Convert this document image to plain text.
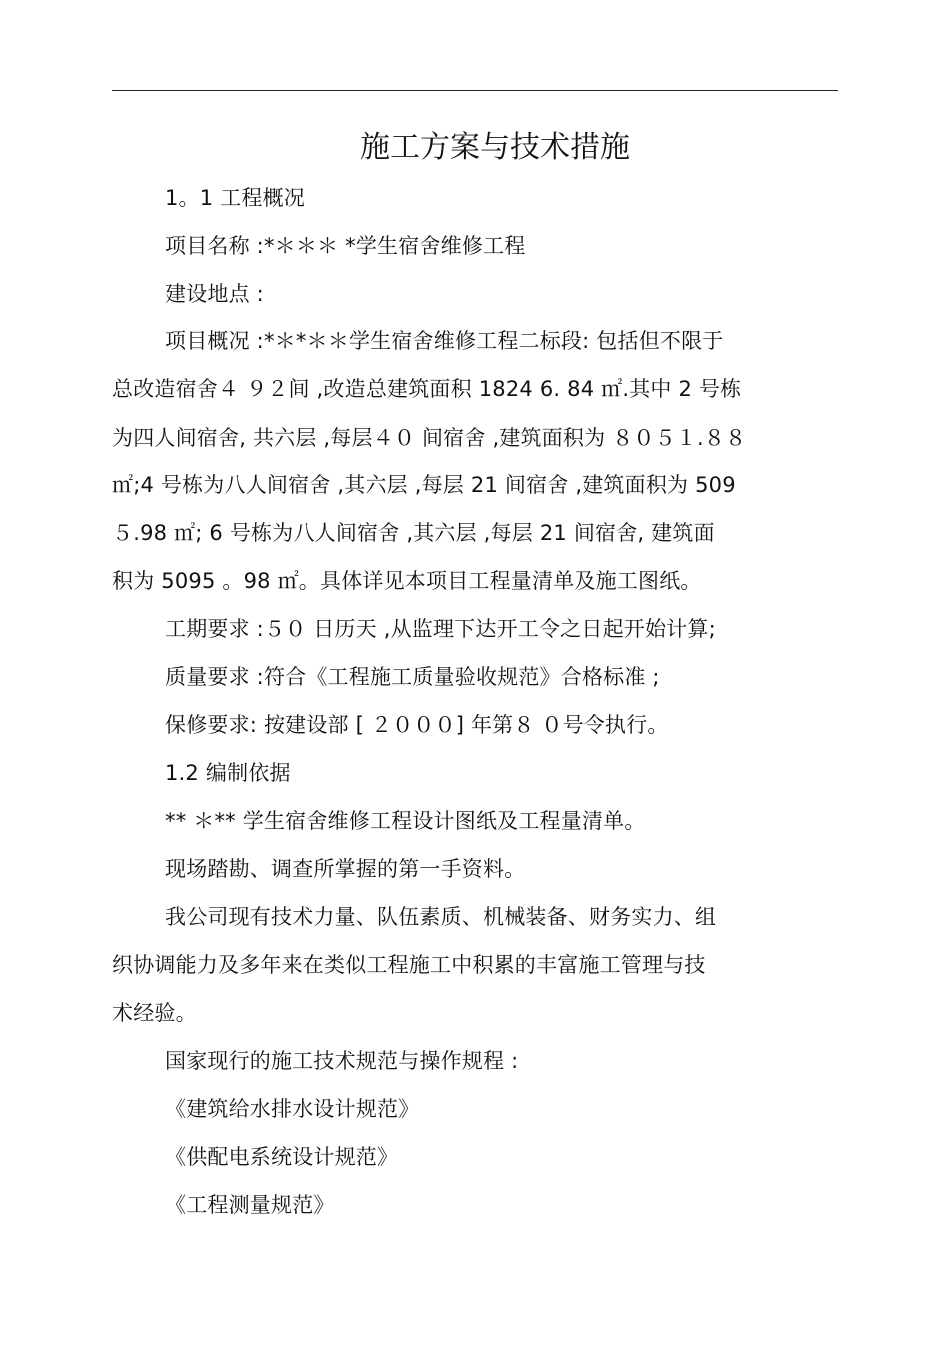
施工方案与技术措施
1。1 工程概况
项目名称 :*＊＊＊ *学生宿舍维修工程
建设地点 :
项目概况 :*＊*＊＊学生宿舍维修工程二标段: 包括但不限于
总改造宿舍４ ９２间 ,改造总建筑面积 1824 6. 84 ㎡.其中 2 号栋
为四人间宿舍, 共六层 ,每层４０ 间宿舍 ,建筑面积为 ８０５１.８８
㎡;4 号栋为八人间宿舍 ,其六层 ,每层 21 间宿舍 ,建筑面积为 509
５.98 ㎡; 6 号栋为八人间宿舍 ,其六层 ,每层 21 间宿舍, 建筑面
积为 5095 。98 ㎡。具体详见本项目工程量清单及施工图纸。
工期要求 :５０ 日历天 ,从监理下达开工令之日起开始计算;
质量要求 :符合《工程施工质量验收规范》合格标准 ;
保修要求: 按建设部 [ ２０００] 年第８ ０号令执行。
1.2 编制依据
** ＊** 学生宿舍维修工程设计图纸及工程量清单。
现场踏勘、调查所掌握的第一手资料。
我公司现有技术力量、队伍素质、机械装备、财务实力、组
织协调能力及多年来在类似工程施工中积累的丰富施工管理与技
术经验。
国家现行的施工技术规范与操作规程 :
《建筑给水排水设计规范》
《供配电系统设计规范》
《工程测量规范》
